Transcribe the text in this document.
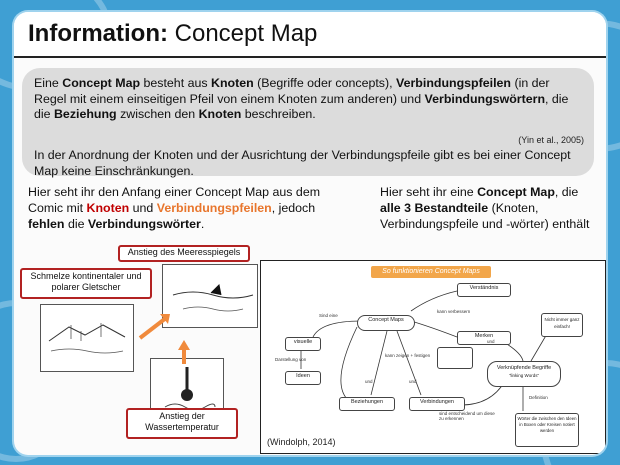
Information: Concept Map

Eine Concept Map besteht aus Knoten (Begriffe oder concepts), Verbindungspfeilen (in der Regel mit einem einseitigen Pfeil von einem Knoten zum anderen) und Verbindungswörtern, die die Beziehung zwischen den Knoten beschreiben.

(Yin et al., 2005)

In der Anordnung der Knoten und der Ausrichtung der Verbindungspfeile gibt es bei einer Concept Map keine Einschränkungen.

Hier seht ihr den Anfang einer Concept Map aus dem Comic mit Knoten und Verbindungspfeilen, jedoch fehlen die Verbindungswörter.
Hier seht ihr eine Concept Map, die alle 3 Bestandteile (Knoten, Verbindungspfeile und -wörter) enthält
Anstieg des Meeresspiegels
Schmelze kontinentaler und polarer Gletscher
Anstieg der Wassertemperatur
So funktionieren Concept Maps
Concept Maps
Verständnis
Merken
visuelle
Ideen
Beziehungen	Verbindungen
Verknüpfende Begriffe
"linking Words"
Nicht immer ganz einfach!
Wörter die zwischen den Ideen in Boxen oder Kreisen notiert werden
Sind eine
Darstellung von
kann zeigen + festigen
kann verbessern
und	und
und
Definition
sind entscheidend um diese zu erkennen
(Windolph, 2014)
